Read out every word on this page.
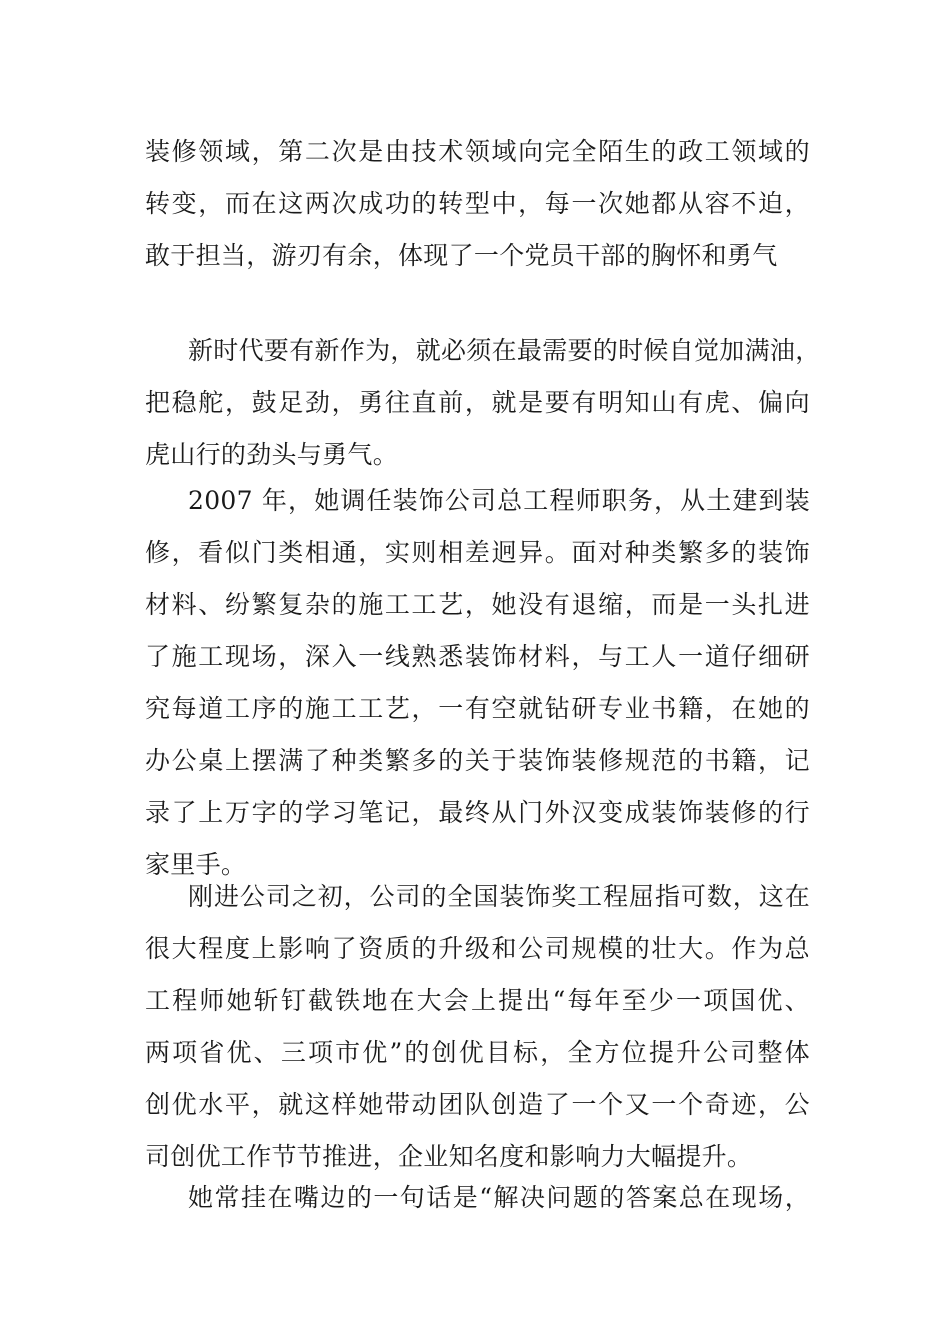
装修领域，第二次是由技术领域向完全陌生的政工领域的
转变，而在这两次成功的转型中，每一次她都从容不迫，
敢于担当，游刃有余，体现了一个党员干部的胸怀和勇气
新时代要有新作为，就必须在最需要的时候自觉加满油，
把稳舵，鼓足劲，勇往直前，就是要有明知山有虎、偏向
虎山行的劲头与勇气。
2007 年，她调任装饰公司总工程师职务，从土建到装
修，看似门类相通，实则相差迥异。面对种类繁多的装饰
材料、纷繁复杂的施工工艺，她没有退缩，而是一头扎进
了施工现场，深入一线熟悉装饰材料，与工人一道仔细研
究每道工序的施工工艺，一有空就钻研专业书籍，在她的
办公桌上摆满了种类繁多的关于装饰装修规范的书籍，记
录了上万字的学习笔记，最终从门外汉变成装饰装修的行
家里手。
刚进公司之初，公司的全国装饰奖工程屈指可数，这在
很大程度上影响了资质的升级和公司规模的壮大。作为总
工程师她斩钉截铁地在大会上提出“每年至少一项国优、
两项省优、三项市优”的创优目标，全方位提升公司整体
创优水平，就这样她带动团队创造了一个又一个奇迹，公
司创优工作节节推进，企业知名度和影响力大幅提升。
她常挂在嘴边的一句话是“解决问题的答案总在现场，
